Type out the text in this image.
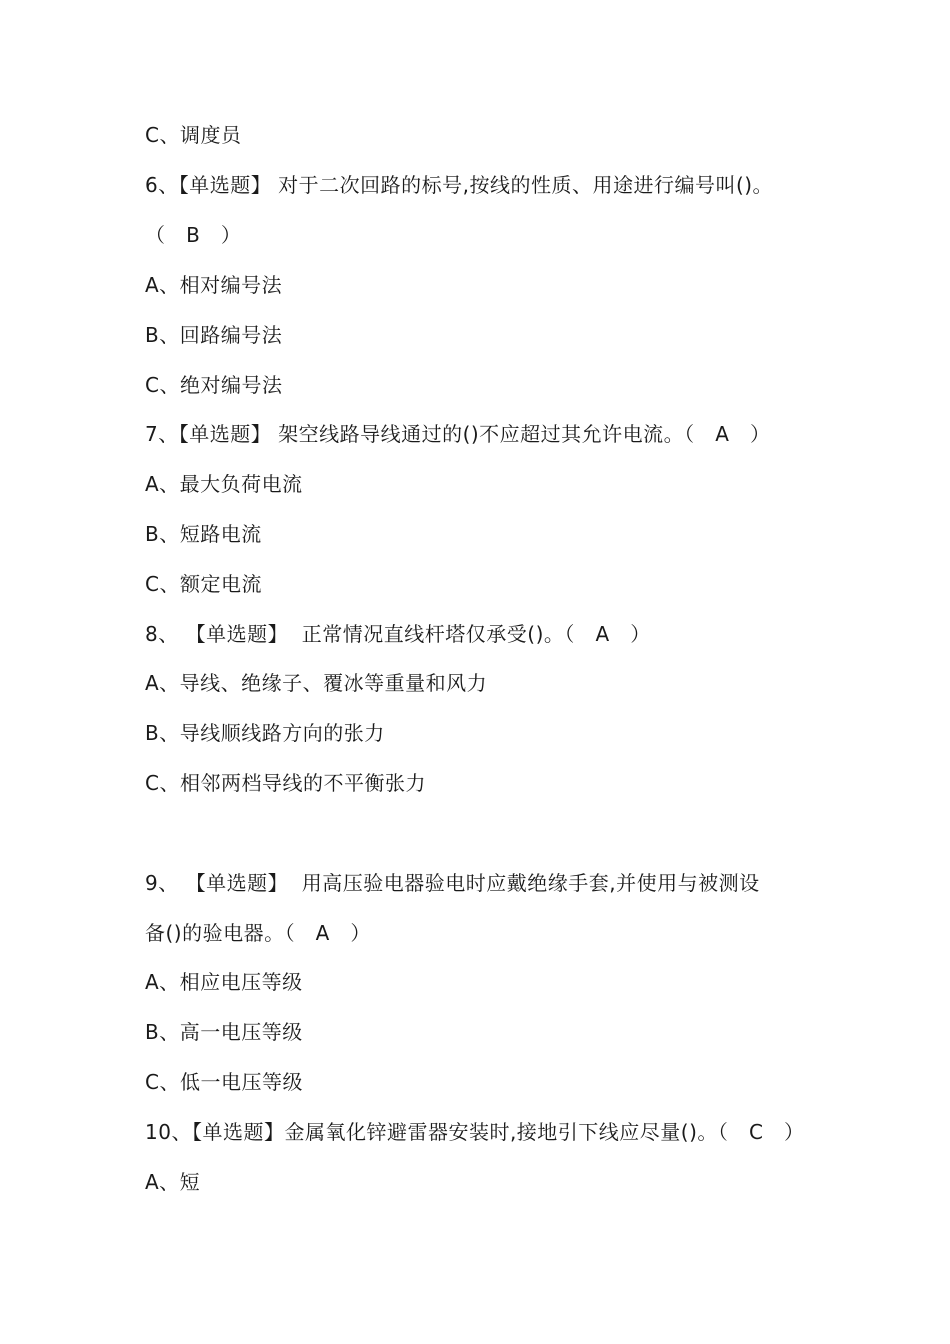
C、调度员
6、【单选题】 对于二次回路的标号,按线的性质、用途进行编号叫()。
（   B   ）
A、相对编号法
B、回路编号法
C、绝对编号法
7、【单选题】 架空线路导线通过的()不应超过其允许电流。（   A   ）
A、最大负荷电流
B、短路电流
C、额定电流
8、 【单选题】  正常情况直线杆塔仅承受()。（   A   ）
A、导线、绝缘子、覆冰等重量和风力
B、导线顺线路方向的张力
C、相邻两档导线的不平衡张力
9、 【单选题】  用高压验电器验电时应戴绝缘手套,并使用与被测设
备()的验电器。（   A   ）
A、相应电压等级
B、高一电压等级
C、低一电压等级
10、【单选题】金属氧化锌避雷器安装时,接地引下线应尽量()。（   C   ）
A、短
